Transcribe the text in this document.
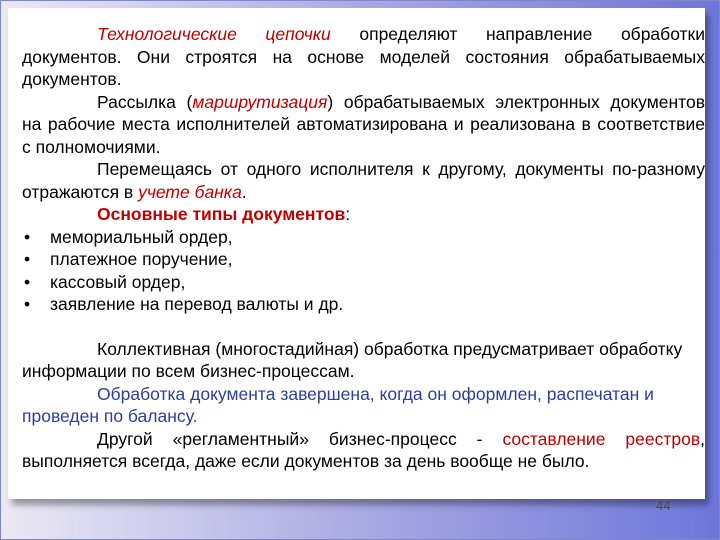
Технологические цепочки определяют направление обработки документов. Они строятся на основе моделей состояния обрабатываемых документов.

Рассылка (маршрутизация) обрабатываемых электронных документов на рабочие места исполнителей автоматизирована и реализована в соответствие с полномочиями.

Перемещаясь от одного исполнителя к другому, документы по-разному отражаются в учете банка.

Основные типы документов:

• мемориальный ордер,
• платежное поручение,
• кассовый ордер,
• заявление на перевод валюты и др.

Коллективная (многостадийная) обработка предусматривает обработку информации по всем бизнес-процессам.

Обработка документа завершена, когда он оформлен, распечатан и проведен по балансу.

Другой «регламентный» бизнес-процесс - составление реестров, выполняется всегда, даже если документов за день вообще не было.

44
